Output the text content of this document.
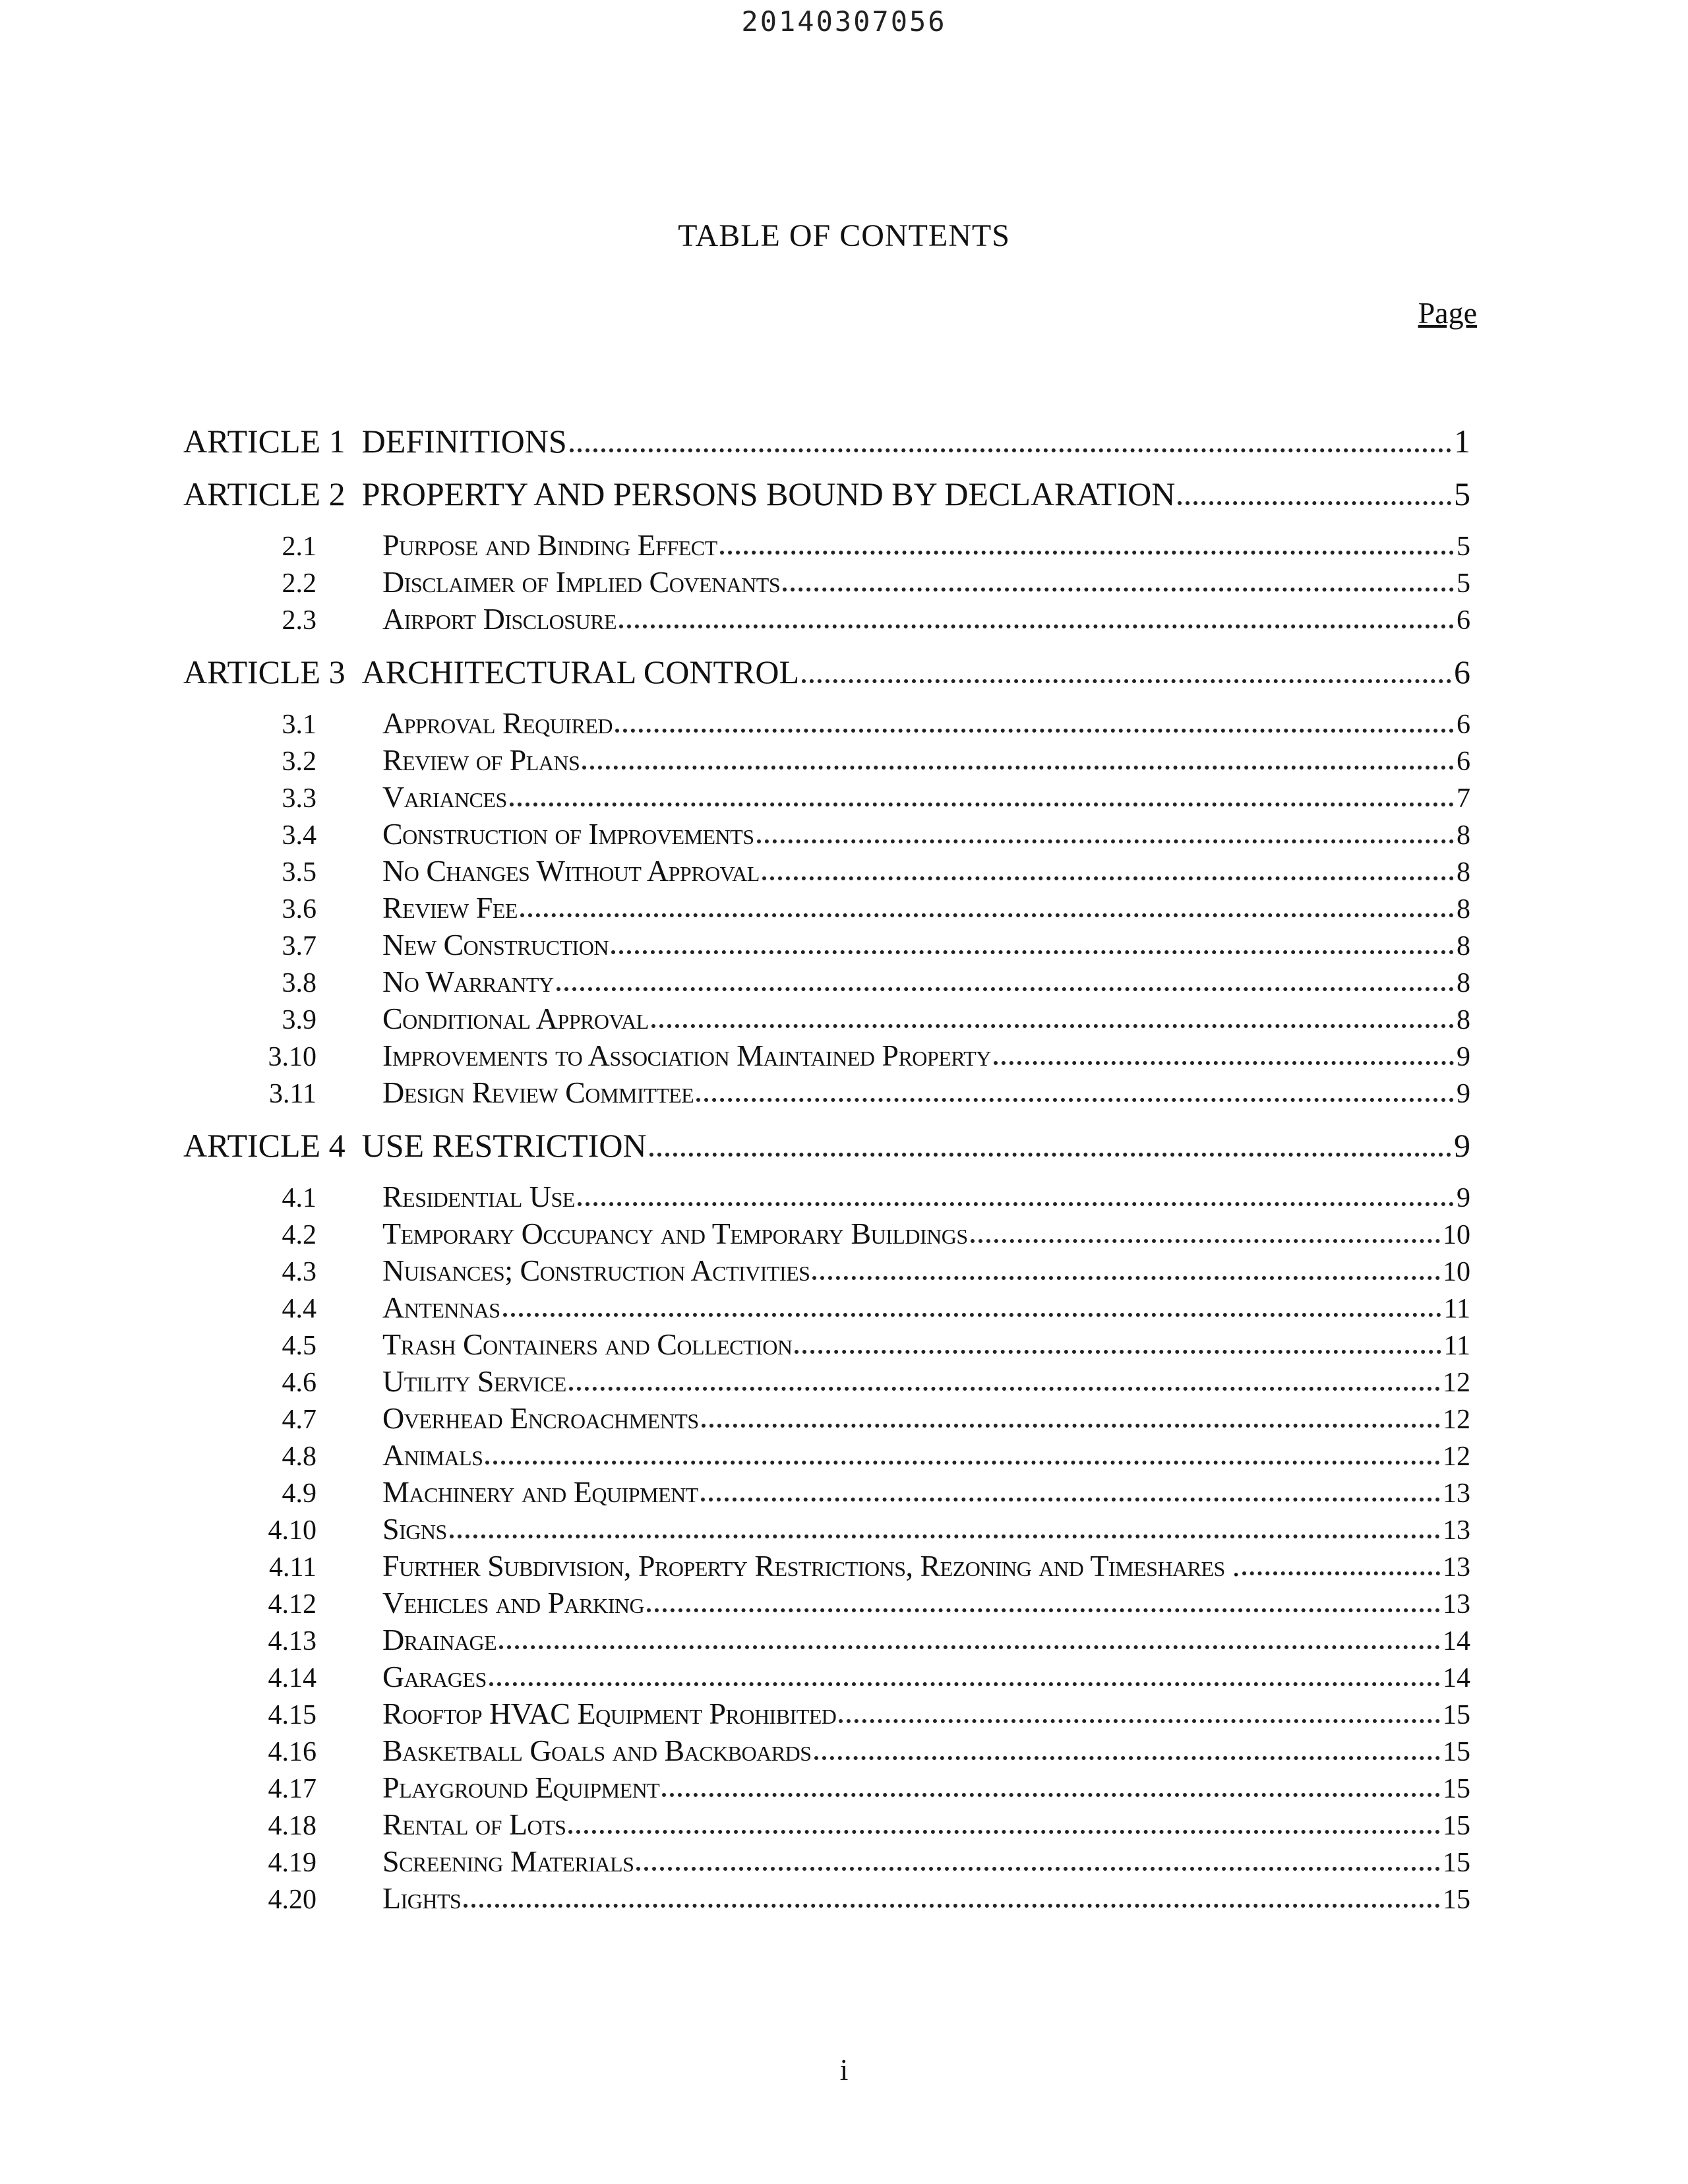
20140307056
TABLE OF CONTENTS
Page
ARTICLE 1 DEFINITIONS	1
ARTICLE 2 PROPERTY AND PERSONS BOUND BY DECLARATION	5
2.1 Purpose and Binding Effect	5
2.2 Disclaimer of Implied Covenants	5
2.3 Airport Disclosure	6
ARTICLE 3 ARCHITECTURAL CONTROL	6
3.1 Approval Required	6
3.2 Review of Plans	6
3.3 Variances	7
3.4 Construction of Improvements	8
3.5 No Changes Without Approval	8
3.6 Review Fee	8
3.7 New Construction	8
3.8 No Warranty	8
3.9 Conditional Approval	8
3.10 Improvements to Association Maintained Property	9
3.11 Design Review Committee	9
ARTICLE 4 USE RESTRICTION	9
4.1 Residential Use	9
4.2 Temporary Occupancy and Temporary Buildings	10
4.3 Nuisances; Construction Activities	10
4.4 Antennas	11
4.5 Trash Containers and Collection	11
4.6 Utility Service	12
4.7 Overhead Encroachments	12
4.8 Animals	12
4.9 Machinery and Equipment	13
4.10 Signs	13
4.11 Further Subdivision, Property Restrictions, Rezoning and Timeshares .	13
4.12 Vehicles and Parking	13
4.13 Drainage	14
4.14 Garages	14
4.15 Rooftop HVAC Equipment Prohibited	15
4.16 Basketball Goals and Backboards	15
4.17 Playground Equipment	15
4.18 Rental of Lots	15
4.19 Screening Materials	15
4.20 Lights	15
i
